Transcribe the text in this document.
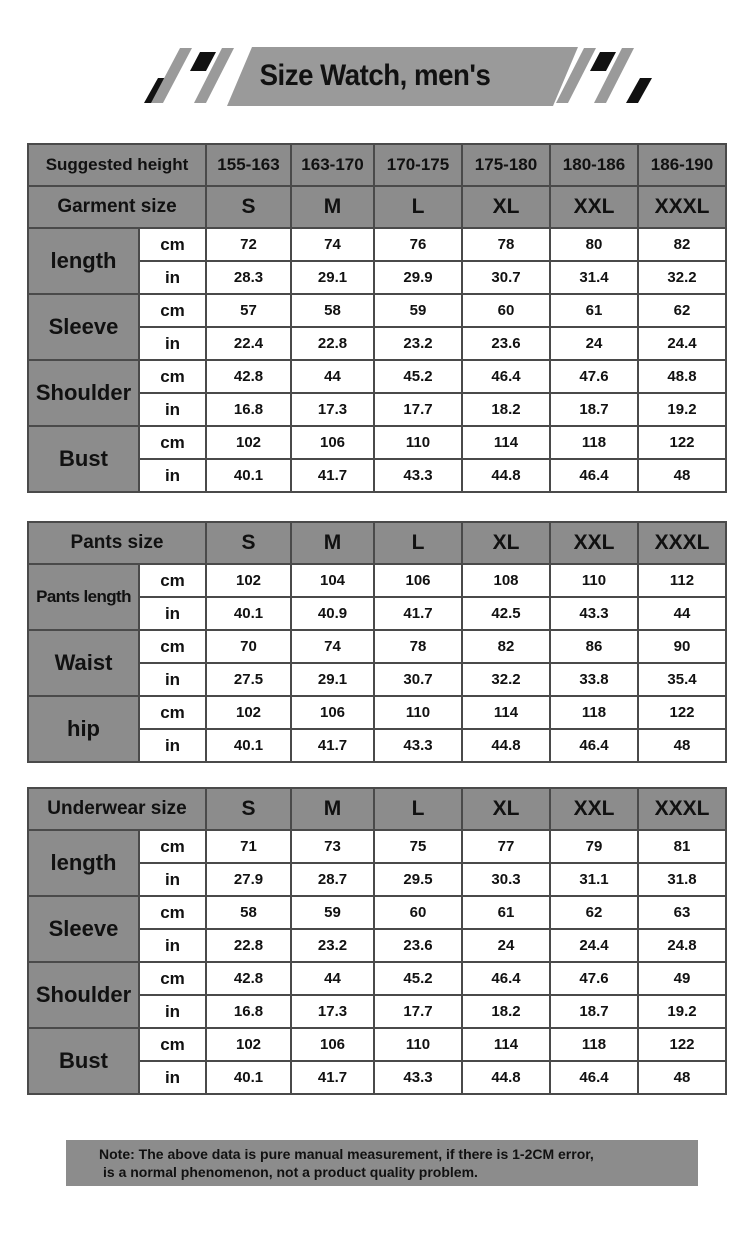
Size Watch, men's
Suggested height		155-163	163-170	170-175	175-180	180-186	186-190
Garment size		S	M	L	XL	XXL	XXXL
length	cm	72	74	76	78	80	82
	in	28.3	29.1	29.9	30.7	31.4	32.2
Sleeve	cm	57	58	59	60	61	62
	in	22.4	22.8	23.2	23.6	24	24.4
Shoulder	cm	42.8	44	45.2	46.4	47.6	48.8
	in	16.8	17.3	17.7	18.2	18.7	19.2
Bust	cm	102	106	110	114	118	122
	in	40.1	41.7	43.3	44.8	46.4	48
Pants size		S	M	L	XL	XXL	XXXL
Pants length	cm	102	104	106	108	110	112
	in	40.1	40.9	41.7	42.5	43.3	44
Waist	cm	70	74	78	82	86	90
	in	27.5	29.1	30.7	32.2	33.8	35.4
hip	cm	102	106	110	114	118	122
	in	40.1	41.7	43.3	44.8	46.4	48
Underwear size		S	M	L	XL	XXL	XXXL
length	cm	71	73	75	77	79	81
	in	27.9	28.7	29.5	30.3	31.1	31.8
Sleeve	cm	58	59	60	61	62	63
	in	22.8	23.2	23.6	24	24.4	24.8
Shoulder	cm	42.8	44	45.2	46.4	47.6	49
	in	16.8	17.3	17.7	18.2	18.7	19.2
Bust	cm	102	106	110	114	118	122
	in	40.1	41.7	43.3	44.8	46.4	48
Note: The above data is pure manual measurement, if there is 1-2CM error,
is a normal phenomenon, not a product quality problem.
